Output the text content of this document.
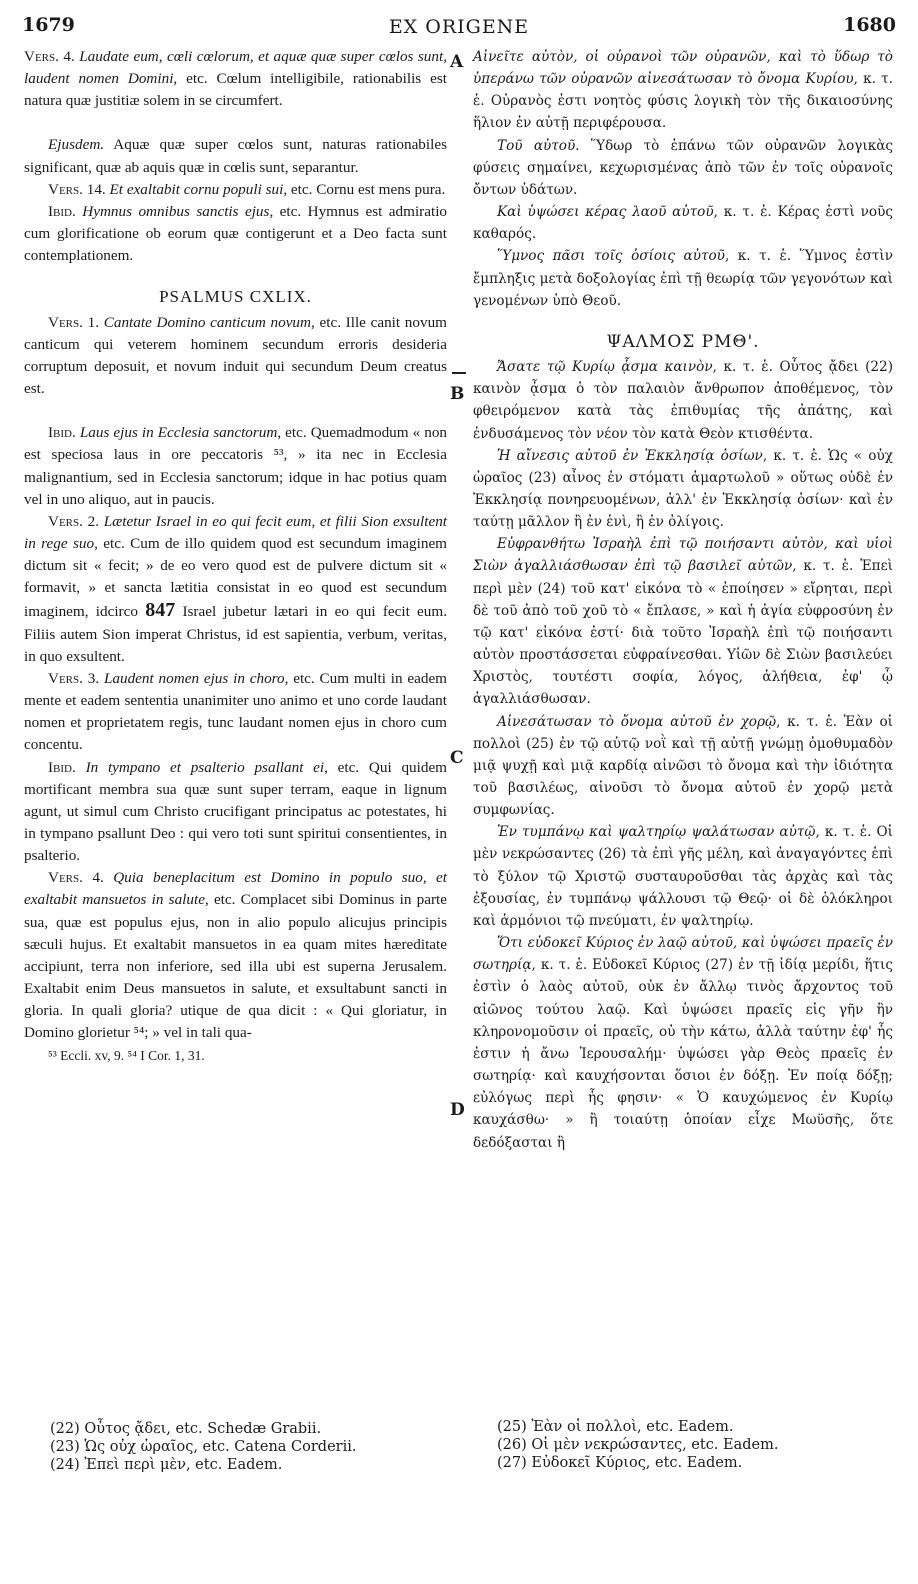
1679	EX ORIGENE	1680
A
B
C
D

Vers. 4. Laudate eum, cœli cœlorum, et aquæ quæ super cœlos sunt, laudent nomen Domini, etc. Cœlum intelligibile, rationabilis est natura quæ justitiæ solem in se circumfert.

Ejusdem. Aquæ quæ super cœlos sunt, naturas rationabiles significant, quæ ab aquis quæ in cœlis sunt, separantur.

Vers. 14. Et exaltabit cornu populi sui, etc. Cornu est mens pura.

Ibid. Hymnus omnibus sanctis ejus, etc. Hymnus est admiratio cum glorificatione ob eorum quæ contigerunt et a Deo facta sunt contemplationem.

PSALMUS CXLIX.

Vers. 1. Cantate Domino canticum novum, etc. Ille canit novum canticum qui veterem hominem secundum erroris desideria corruptum deposuit, et novum induit qui secundum Deum creatus est.

Ibid. Laus ejus in Ecclesia sanctorum, etc. Quemadmodum « non est speciosa laus in ore peccatoris ⁵³, » ita nec in Ecclesia malignantium, sed in Ecclesia sanctorum; idque in hac potius quam vel in uno aliquo, aut in paucis.

Vers. 2. Lætetur Israel in eo qui fecit eum, et filii Sion exsultent in rege suo, etc. Cum de illo quidem quod est secundum imaginem dictum sit « fecit; » de eo vero quod est de pulvere dictum sit « formavit, » et sancta lætitia consistat in eo quod est secundum imaginem, idcirco 847 Israel jubetur lætari in eo qui fecit eum. Filiis autem Sion imperat Christus, id est sapientia, verbum, veritas, in quo exsultent.

Vers. 3. Laudent nomen ejus in choro, etc. Cum multi in eadem mente et eadem sententia unanimiter uno animo et uno corde laudant nomen et proprietatem regis, tunc laudant nomen ejus in choro cum concentu.

Ibid. In tympano et psalterio psallant ei, etc. Qui quidem mortificant membra sua quæ sunt super terram, eaque in lignum agunt, ut simul cum Christo crucifigant principatus ac potestates, hi in tympano psallunt Deo : qui vero toti sunt spiritui consentientes, in psalterio.

Vers. 4. Quia beneplacitum est Domino in populo suo, et exaltabit mansuetos in salute, etc. Complacet sibi Dominus in parte sua, quæ est populus ejus, non in alio populo alicujus principis sæculi hujus. Et exaltabit mansuetos in ea quam mites hæreditate accipiunt, terra non inferiore, sed illa ubi est superna Jerusalem. Exaltabit enim Deus mansuetos in salute, et exsultabunt sancti in gloria. In quali gloria? utique de qua dicit : « Qui gloriatur, in Domino glorietur ⁵⁴; » vel in tali qua-

⁵³ Eccli. xv, 9. ⁵⁴ I Cor. 1, 31.

(22) Οὗτος ᾄδει, etc. Schedæ Grabii.
(23) Ὡς οὐχ ὡραῖος, etc. Catena Corderii.
(24) Ἐπεὶ περὶ μὲν, etc. Eadem.

Αἰνεῖτε αὐτὸν, οἱ οὐρανοὶ τῶν οὐρανῶν, καὶ τὸ ὕδωρ τὸ ὑπεράνω τῶν οὐρανῶν αἰνεσάτωσαν τὸ ὄνομα Κυρίου, κ. τ. ἑ. Οὐρανὸς ἐστι νοητὸς φύσις λογικὴ τὸν τῆς δικαιοσύνης ἥλιον ἐν αὐτῇ περιφέρουσα.

Τοῦ αὐτοῦ. Ὕδωρ τὸ ἐπάνω τῶν οὐρανῶν λογικὰς φύσεις σημαίνει, κεχωρισμένας ἀπὸ τῶν ἐν τοῖς οὐρανοῖς ὄντων ὑδάτων.

Καὶ ὑψώσει κέρας λαοῦ αὐτοῦ, κ. τ. ἑ. Κέρας ἐστὶ νοῦς καθαρός.

Ὕμνος πᾶσι τοῖς ὁσίοις αὐτοῦ, κ. τ. ἑ. Ὕμνος ἐστὶν ἔμπληξις μετὰ δοξολογίας ἐπὶ τῇ θεωρίᾳ τῶν γεγονότων καὶ γενομένων ὑπὸ Θεοῦ.

ΨΑΛΜΟΣ ΡΜΘ'.

Ἄσατε τῷ Κυρίῳ ᾆσμα καινὸν, κ. τ. ἑ. Οὗτος ᾄδει (22) καινὸν ᾆσμα ὁ τὸν παλαιὸν ἄνθρωπον ἀποθέμενος, τὸν φθειρόμενον κατὰ τὰς ἐπιθυμίας τῆς ἀπάτης, καὶ ἐνδυσάμενος τὸν νέον τὸν κατὰ Θεὸν κτισθέντα.

Ἡ αἴνεσις αὐτοῦ ἐν Ἐκκλησίᾳ ὁσίων, κ. τ. ἑ. Ὡς « οὐχ ὡραῖος (23) αἶνος ἐν στόματι ἁμαρτωλοῦ » οὕτως οὐδὲ ἐν Ἐκκλησίᾳ πονηρευομένων, ἀλλ' ἐν Ἐκκλησίᾳ ὁσίων· καὶ ἐν ταύτῃ μᾶλλον ἢ ἐν ἑνὶ, ἢ ἐν ὀλίγοις.

Εὐφρανθήτω Ἰσραὴλ ἐπὶ τῷ ποιήσαντι αὐτὸν, καὶ υἱοὶ Σιὼν ἀγαλλιάσθωσαν ἐπὶ τῷ βασιλεῖ αὐτῶν, κ. τ. ἑ. Ἐπεὶ περὶ μὲν (24) τοῦ κατ' εἰκόνα τὸ « ἐποίησεν » εἴρηται, περὶ δὲ τοῦ ἀπὸ τοῦ χοῦ τὸ « ἔπλασε, » καὶ ἡ ἁγία εὐφροσύνη ἐν τῷ κατ' εἰκόνα ἐστί· διὰ τοῦτο Ἰσραὴλ ἐπὶ τῷ ποιήσαντι αὐτὸν προστάσσεται εὐφραίνεσθαι. Υἱῶν δὲ Σιὼν βασιλεύει Χριστὸς, τουτέστι σοφία, λόγος, ἀλήθεια, ἐφ' ᾧ ἀγαλλιάσθωσαν.

Αἰνεσάτωσαν τὸ ὄνομα αὐτοῦ ἐν χορῷ, κ. τ. ἑ. Ἐὰν οἱ πολλοὶ (25) ἐν τῷ αὐτῷ νοῒ καὶ τῇ αὐτῇ γνώμῃ ὁμοθυμαδὸν μιᾷ ψυχῇ καὶ μιᾷ καρδίᾳ αἰνῶσι τὸ ὄνομα καὶ τὴν ἰδιότητα τοῦ βασιλέως, αἰνοῦσι τὸ ὄνομα αὐτοῦ ἐν χορῷ μετὰ συμφωνίας.

Ἐν τυμπάνῳ καὶ ψαλτηρίῳ ψαλάτωσαν αὐτῷ, κ. τ. ἑ. Οἱ μὲν νεκρώσαντες (26) τὰ ἐπὶ γῆς μέλη, καὶ ἀναγαγόντες ἐπὶ τὸ ξύλον τῷ Χριστῷ συσταυροῦσθαι τὰς ἀρχὰς καὶ τὰς ἐξουσίας, ἐν τυμπάνῳ ψάλλουσι τῷ Θεῷ· οἱ δὲ ὁλόκληροι καὶ ἁρμόνιοι τῷ πνεύματι, ἐν ψαλτηρίῳ.

Ὅτι εὐδοκεῖ Κύριος ἐν λαῷ αὐτοῦ, καὶ ὑψώσει πραεῖς ἐν σωτηρίᾳ, κ. τ. ἑ. Εὐδοκεῖ Κύριος (27) ἐν τῇ ἰδίᾳ μερίδι, ἥτις ἐστὶν ὁ λαὸς αὐτοῦ, οὐκ ἐν ἄλλῳ τινὸς ἄρχοντος τοῦ αἰῶνος τούτου λαῷ. Καὶ ὑψώσει πραεῖς εἰς γῆν ἣν κληρονομοῦσιν οἱ πραεῖς, οὐ τὴν κάτω, ἀλλὰ ταύτην ἐφ' ἧς ἐστιν ἡ ἄνω Ἱερουσαλήμ· ὑψώσει γὰρ Θεὸς πραεῖς ἐν σωτηρίᾳ· καὶ καυχήσονται ὅσιοι ἐν δόξῃ. Ἐν ποίᾳ δόξῃ; εὐλόγως περὶ ἧς φησιν· « Ὁ καυχώμενος ἐν Κυρίῳ καυχάσθω· » ἢ τοιαύτῃ ὁποίαν εἶχε Μωϋσῆς, ὅτε δεδόξασται ἢ

(25) Ἐὰν οἱ πολλοὶ, etc. Eadem.
(26) Οἱ μὲν νεκρώσαντες, etc. Eadem.
(27) Εὐδοκεῖ Κύριος, etc. Eadem.
